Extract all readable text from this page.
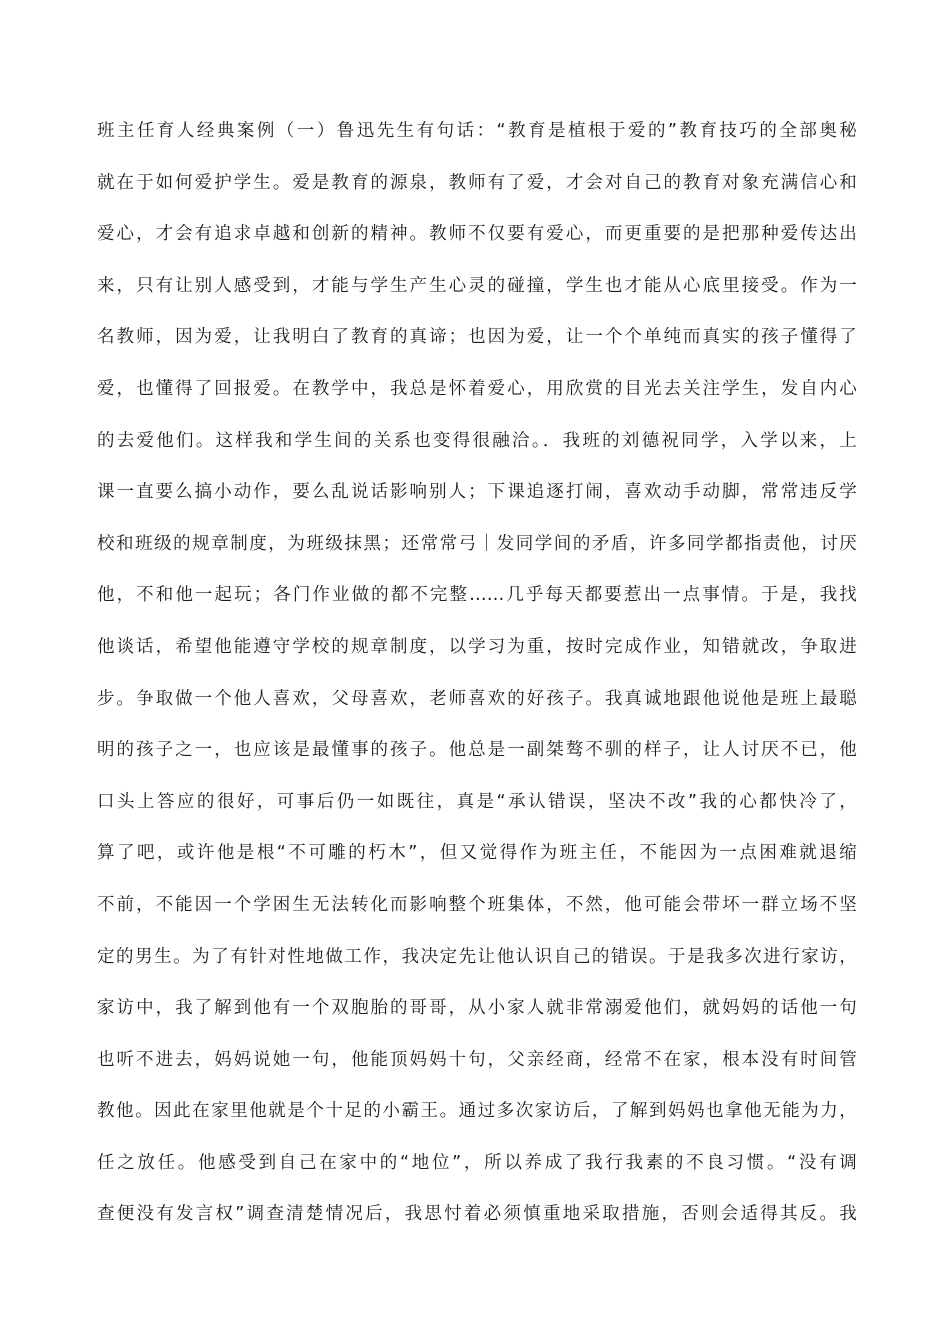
班主任育人经典案例（一）鲁迅先生有句话：“教育是植根于爱的”教育技巧的全部奥秘
就在于如何爱护学生。爱是教育的源泉，教师有了爱，才会对自己的教育对象充满信心和
爱心，才会有追求卓越和创新的精神。教师不仅要有爱心，而更重要的是把那种爱传达出
来，只有让别人感受到，才能与学生产生心灵的碰撞，学生也才能从心底里接受。作为一
名教师，因为爱，让我明白了教育的真谛；也因为爱，让一个个单纯而真实的孩子懂得了
爱，也懂得了回报爱。在教学中，我总是怀着爱心，用欣赏的目光去关注学生，发自内心
的去爱他们。这样我和学生间的关系也变得很融洽。．我班的刘德祝同学，入学以来，上
课一直要么搞小动作，要么乱说话影响别人；下课追逐打闹，喜欢动手动脚，常常违反学
校和班级的规章制度，为班级抹黑；还常常弓｜发同学间的矛盾，许多同学都指责他，讨厌
他，不和他一起玩；各门作业做的都不完整……几乎每天都要惹出一点事情。于是，我找
他谈话，希望他能遵守学校的规章制度，以学习为重，按时完成作业，知错就改，争取进
步。争取做一个他人喜欢，父母喜欢，老师喜欢的好孩子。我真诚地跟他说他是班上最聪
明的孩子之一，也应该是最懂事的孩子。他总是一副桀骜不驯的样子，让人讨厌不已，他
口头上答应的很好，可事后仍一如既往，真是“承认错误，坚决不改”我的心都快冷了，
算了吧，或许他是根“不可雕的朽木”，但又觉得作为班主任，不能因为一点困难就退缩
不前，不能因一个学困生无法转化而影响整个班集体，不然，他可能会带坏一群立场不坚
定的男生。为了有针对性地做工作，我决定先让他认识自己的错误。于是我多次进行家访，
家访中，我了解到他有一个双胞胎的哥哥，从小家人就非常溺爱他们，就妈妈的话他一句
也听不进去，妈妈说她一句，他能顶妈妈十句，父亲经商，经常不在家，根本没有时间管
教他。因此在家里他就是个十足的小霸王。通过多次家访后，了解到妈妈也拿他无能为力，
任之放任。他感受到自己在家中的“地位”，所以养成了我行我素的不良习惯。“没有调
查便没有发言权”调查清楚情况后，我思忖着必须慎重地采取措施，否则会适得其反。我
